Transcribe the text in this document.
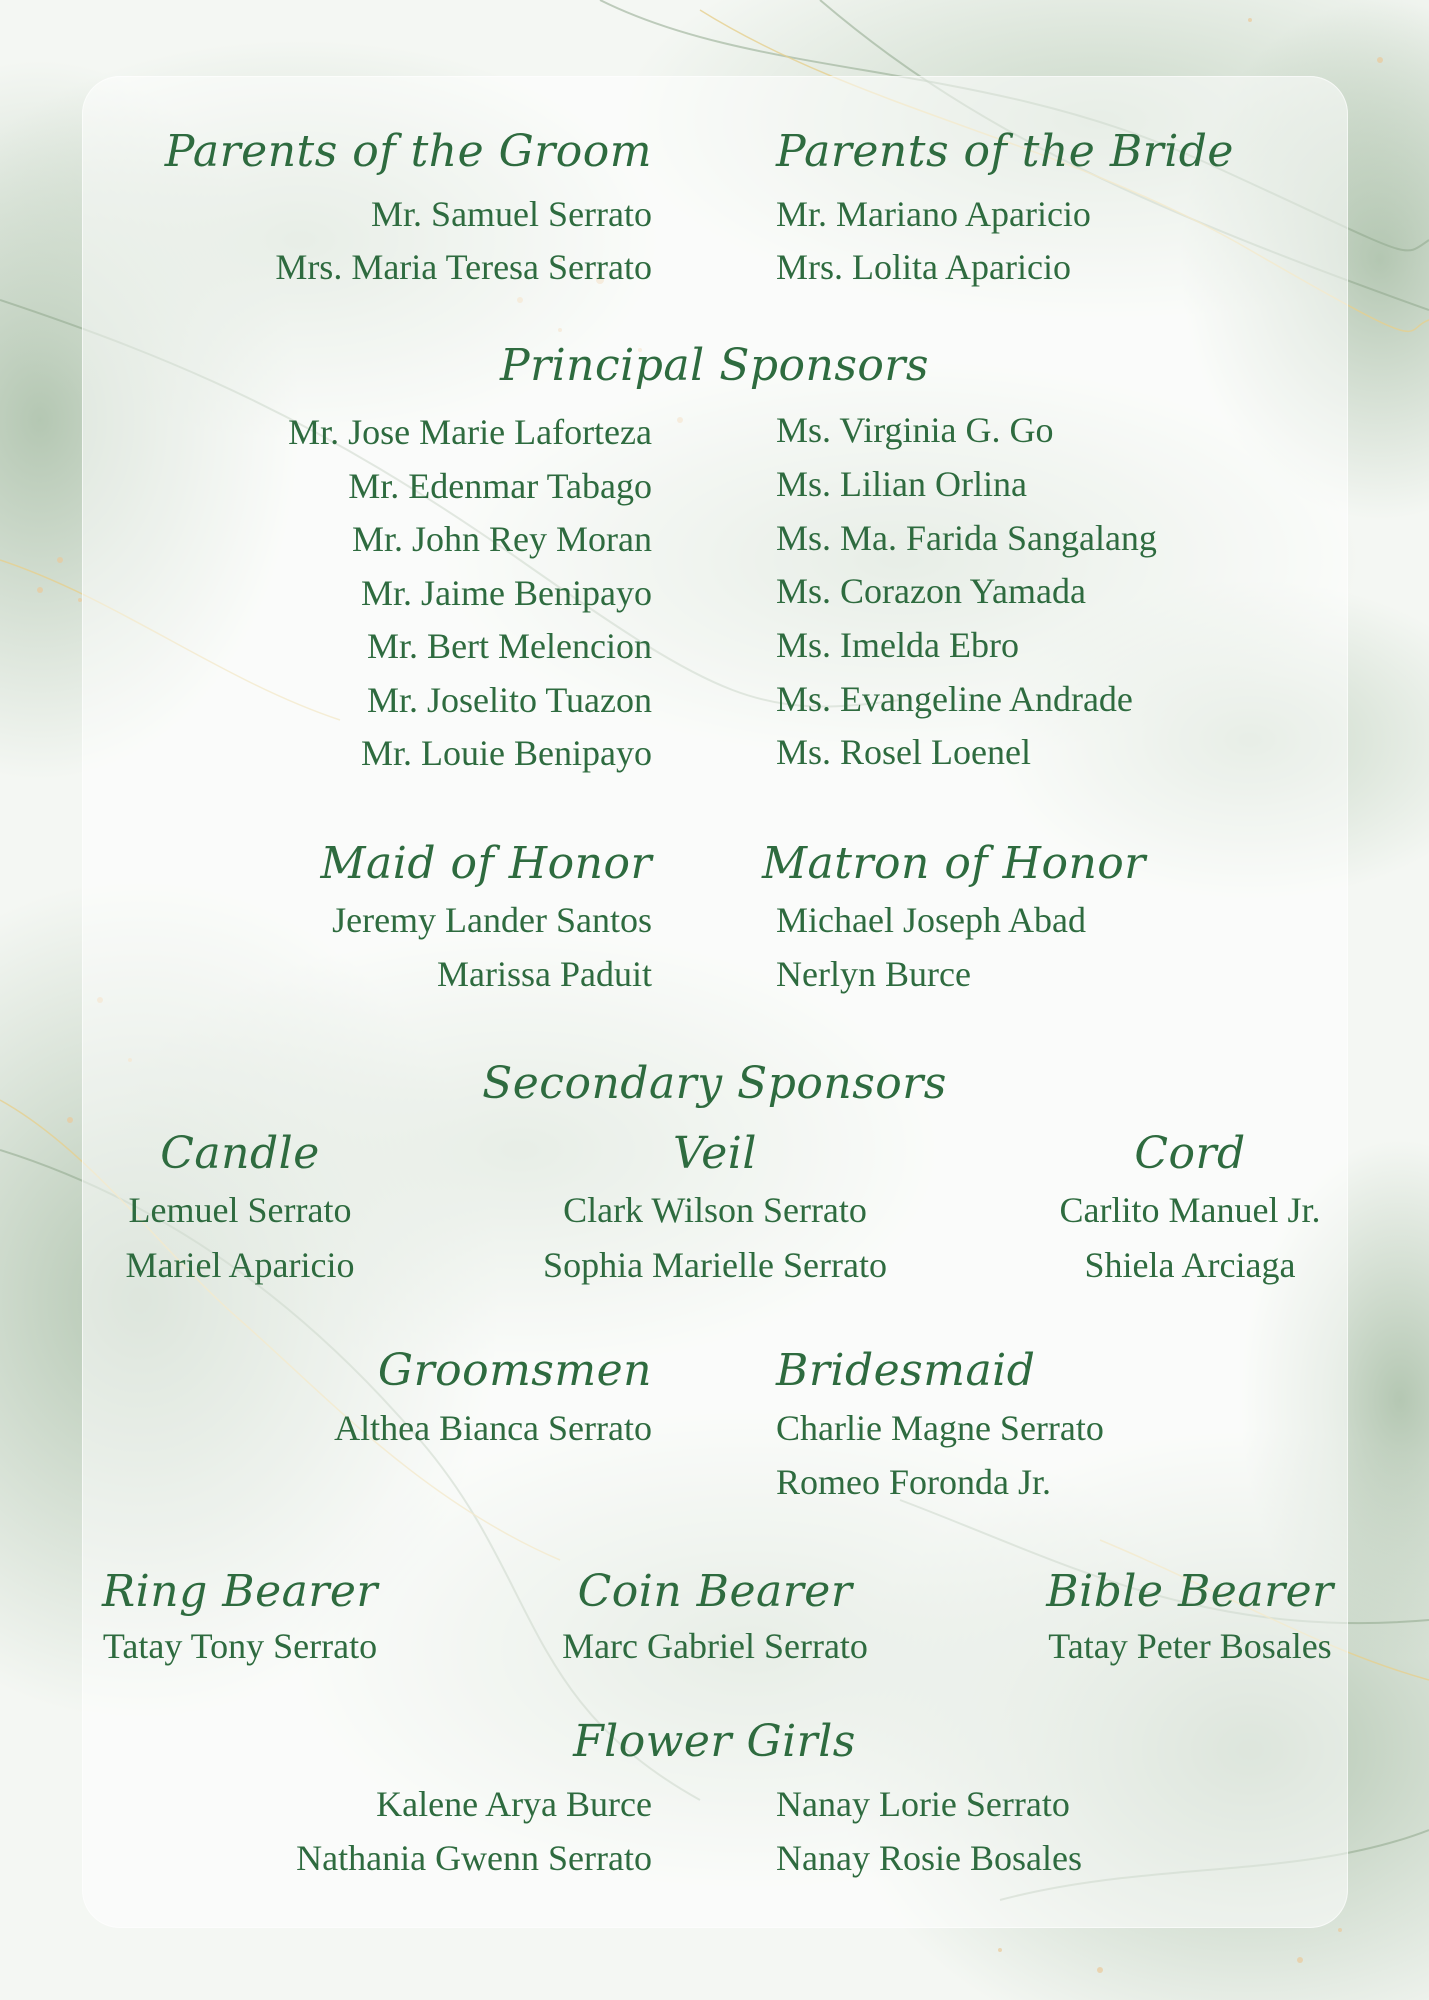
Parents of the Groom
Mr. Samuel Serrato
Mrs. Maria Teresa Serrato
Parents of the Bride
Mr. Mariano Aparicio
Mrs. Lolita Aparicio
Principal Sponsors
Mr. Jose Marie Laforteza
Mr. Edenmar Tabago
Mr. John Rey Moran
Mr. Jaime Benipayo
Mr. Bert Melencion
Mr. Joselito Tuazon
Mr. Louie Benipayo
Ms. Virginia G. Go
Ms. Lilian Orlina
Ms. Ma. Farida Sangalang
Ms. Corazon Yamada
Ms. Imelda Ebro
Ms. Evangeline Andrade
Ms. Rosel Loenel
Maid of Honor
Jeremy Lander Santos
Marissa Paduit
Matron of Honor
Michael Joseph Abad
Nerlyn Burce
Secondary Sponsors
Candle
Lemuel Serrato
Mariel Aparicio
Veil
Clark Wilson Serrato
Sophia Marielle Serrato
Cord
Carlito Manuel Jr.
Shiela Arciaga
Groomsmen
Althea Bianca Serrato
Bridesmaid
Charlie Magne Serrato
Romeo Foronda Jr.
Ring Bearer
Tatay Tony Serrato
Coin Bearer
Marc Gabriel Serrato
Bible Bearer
Tatay Peter Bosales
Flower Girls
Kalene Arya Burce
Nathania Gwenn Serrato
Nanay Lorie Serrato
Nanay Rosie Bosales
